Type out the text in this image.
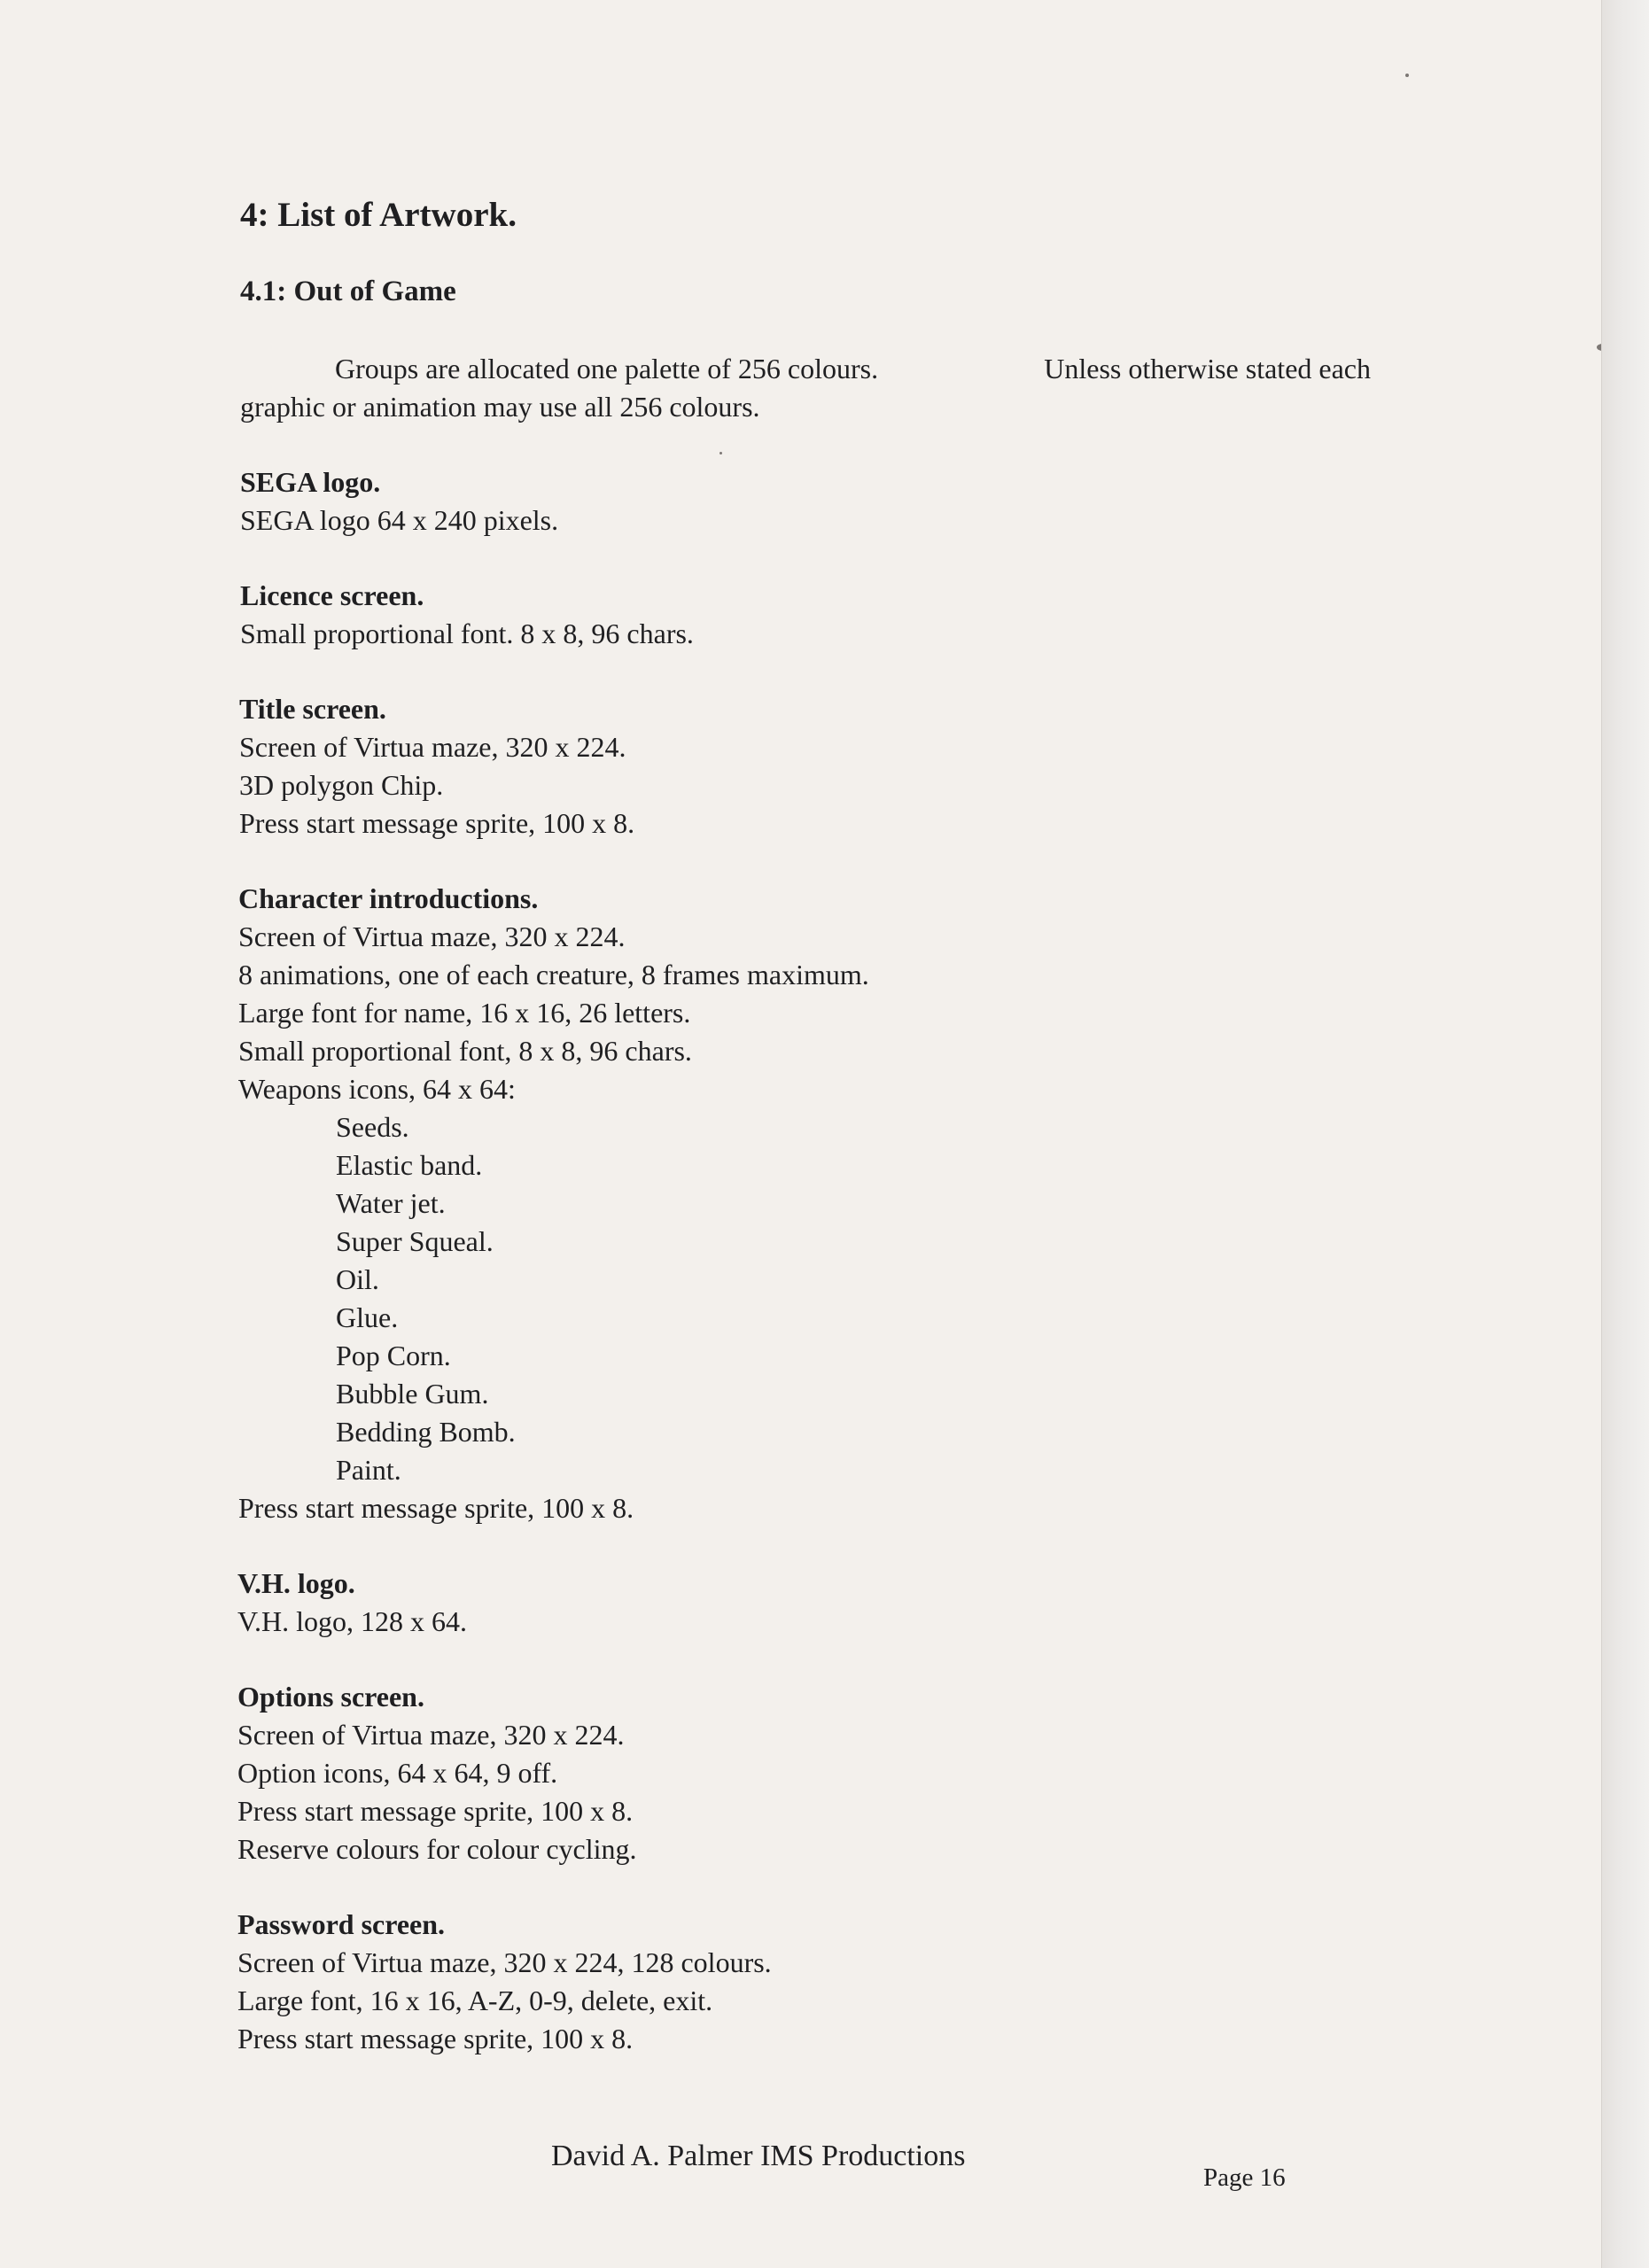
4: List of Artwork.
4.1: Out of Game
Groups are allocated one palette of 256 colours.	Unless otherwise stated each
graphic or animation may use all 256 colours.
SEGA logo.
SEGA logo 64 x 240 pixels.
Licence screen.
Small proportional font. 8 x 8, 96 chars.
Title screen.
Screen of Virtua maze, 320 x 224.
3D polygon Chip.
Press start message sprite, 100 x 8.
Character introductions.
Screen of Virtua maze, 320 x 224.
8 animations, one of each creature, 8 frames maximum.
Large font for name, 16 x 16, 26 letters.
Small proportional font, 8 x 8, 96 chars.
Weapons icons, 64 x 64:
Seeds.
Elastic band.
Water jet.
Super Squeal.
Oil.
Glue.
Pop Corn.
Bubble Gum.
Bedding Bomb.
Paint.
Press start message sprite, 100 x 8.
V.H. logo.
V.H. logo, 128 x 64.
Options screen.
Screen of Virtua maze, 320 x 224.
Option icons, 64 x 64, 9 off.
Press start message sprite, 100 x 8.
Reserve colours for colour cycling.
Password screen.
Screen of Virtua maze, 320 x 224, 128 colours.
Large font, 16 x 16, A-Z, 0-9, delete, exit.
Press start message sprite, 100 x 8.
David A. Palmer IMS Productions
Page 16
